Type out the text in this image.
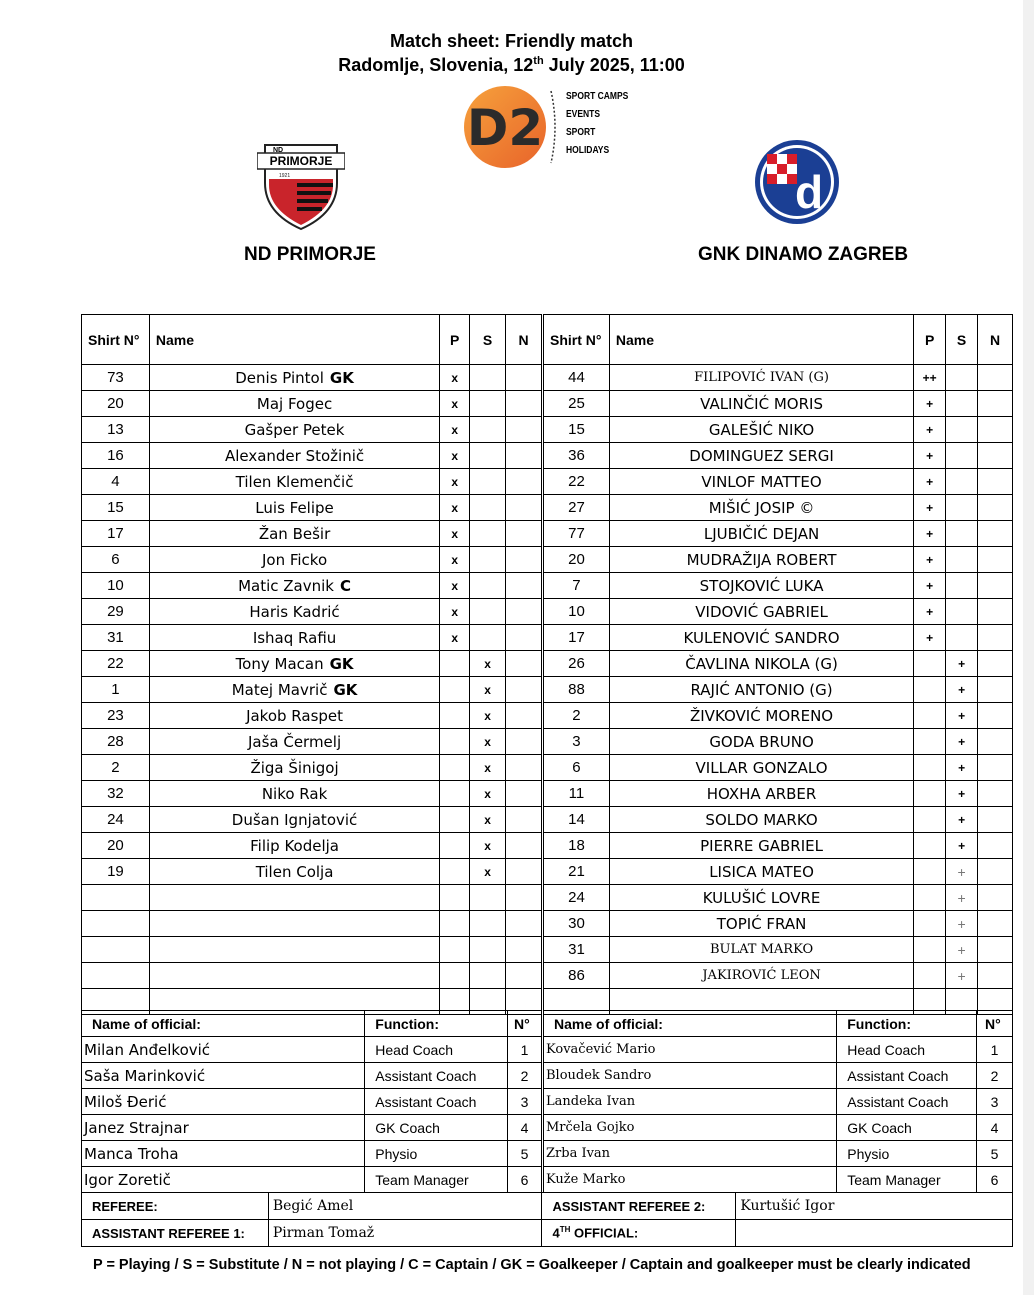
Match sheet: Friendly match
Radomlje, Slovenia, 12th July 2025, 11:00
D2
SPORT CAMPS
EVENTS
SPORT
HOLIDAYS
ND
PRIMORJE
1921	d
ND PRIMORJE	GNK DINAMO ZAGREB
Shirt N°	Name	P	S	N
73	Denis Pintol GK	x		
20	Maj Fogec	x		
13	Gašper Petek	x		
16	Alexander Stožinič	x		
4	Tilen Klemenčič	x		
15	Luis Felipe	x		
17	Žan Bešir	x		
6	Jon Ficko	x		
10	Matic Zavnik C	x		
29	Haris Kadrić	x		
31	Ishaq Rafiu	x		
22	Tony Macan GK		x	
1	Matej Mavrič GK		x	
23	Jakob Raspet		x	
28	Jaša Čermelj		x	
2	Žiga Šinigoj		x	
32	Niko Rak		x	
24	Dušan Ignjatović		x	
20	Filip Kodelja		x	
19	Tilen Colja		x	

Shirt N°	Name	P	S	N
44	FILIPOVIĆ IVAN (G)	++		
25	VALINČIĆ MORIS	+		
15	GALEŠIĆ NIKO	+		
36	DOMINGUEZ SERGI	+		
22	VINLOF MATTEO	+		
27	MIŠIĆ JOSIP ©	+		
77	LJUBIČIĆ DEJAN	+		
20	MUDRAŽIJA ROBERT	+		
7	STOJKOVIĆ LUKA	+		
10	VIDOVIĆ GABRIEL	+		
17	KULENOVIĆ SANDRO	+		
26	ČAVLINA NIKOLA (G)		+	
88	RAJIĆ ANTONIO (G)		+	
2	ŽIVKOVIĆ MORENO		+	
3	GODA BRUNO		+	
6	VILLAR GONZALO		+	
11	HOXHA ARBER		+	
14	SOLDO MARKO		+	
18	PIERRE GABRIEL		+	
21	LISICA MATEO		+	
24	KULUŠIĆ LOVRE		+	
30	TOPIĆ FRAN		+	
31	BULAT MARKO		+	
86	JAKIROVIĆ LEON		+	

Name of official:	Function:	N°
Milan Anđelković	Head Coach	1
Saša Marinković	Assistant Coach	2
Miloš Đerić	Assistant Coach	3
Janez Strajnar	GK Coach	4
Manca Troha	Physio	5
Igor Zoretič	Team Manager	6
Name of official:	Function:	N°
Kovačević Mario	Head Coach	1
Bloudek Sandro	Assistant Coach	2
Landeka Ivan	Assistant Coach	3
Mrčela Gojko	GK Coach	4
Zrba Ivan	Physio	5
Kuže Marko	Team Manager	6
REFEREE:	Begić Amel	ASSISTANT REFEREE 2:	Kurtušić Igor
ASSISTANT REFEREE 1:	Pirman Tomaž	4TH OFFICIAL:	
P = Playing / S = Substitute / N = not playing / C = Captain / GK = Goalkeeper / Captain and goalkeeper must be clearly indicated
